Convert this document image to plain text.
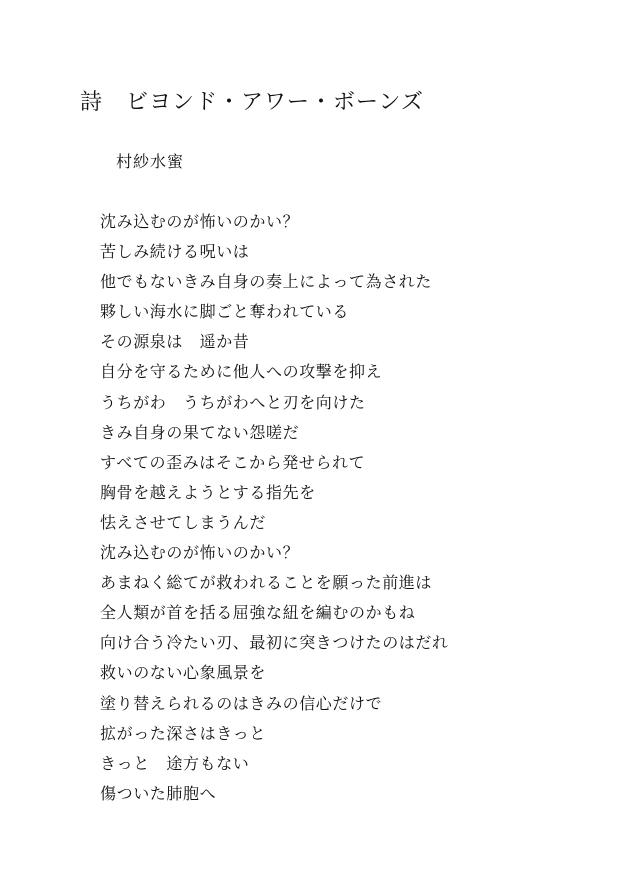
詩　ビヨンド・アワー・ボーンズ
村紗水蜜
沈み込むのが怖いのかい？
苦しみ続ける呪いは
他でもないきみ自身の奏上によって為された
夥しい海水に脚ごと奪われている
その源泉は　遥か昔
自分を守るために他人への攻撃を抑え
うちがわ　うちがわへと刃を向けた
きみ自身の果てない怨嗟だ
すべての歪みはそこから発せられて
胸骨を越えようとする指先を
怯えさせてしまうんだ
沈み込むのが怖いのかい？
あまねく総てが救われることを願った前進は
全人類が首を括る屈強な紐を編むのかもね
向け合う冷たい刃、最初に突きつけたのはだれ
救いのない心象風景を
塗り替えられるのはきみの信心だけで
拡がった深さはきっと
きっと　途方もない
傷ついた肺胞へ
